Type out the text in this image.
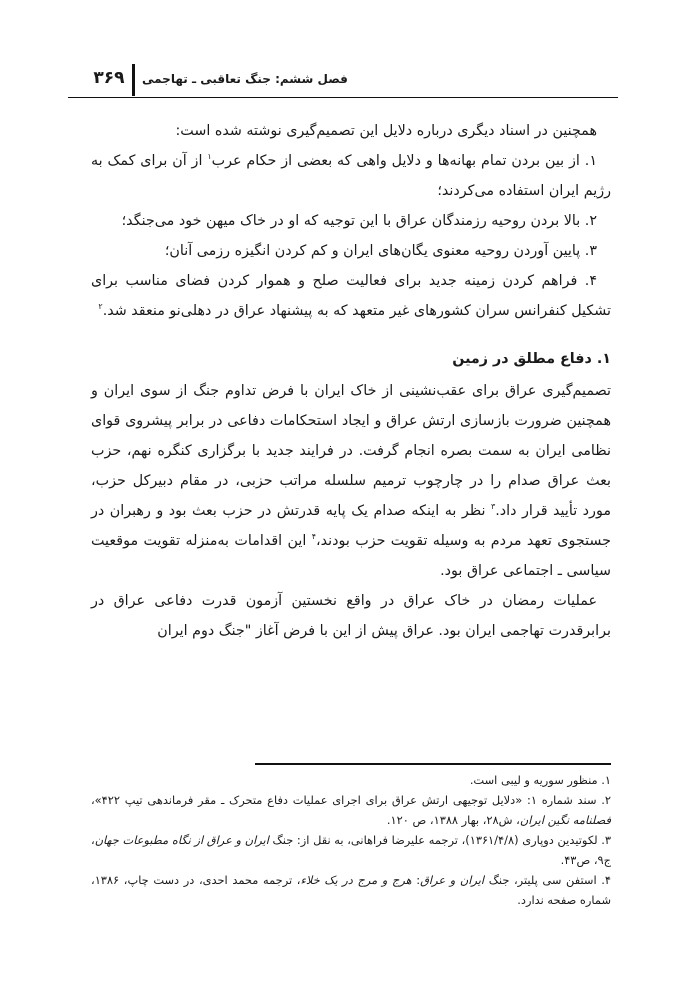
۳۶۹ فصل ششم: جنگ تعاقبی ـ تهاجمی

همچنین در اسناد دیگری درباره دلایل این تصمیم‌گیری نوشته شده است:

۱. از بین بردن تمام بهانه‌ها و دلایل واهی که بعضی از حکام عرب$^۱$ از آن برای کمک به رژیم ایران استفاده می‌کردند؛

۲. بالا بردن روحیه رزمندگان عراق با این توجیه که او در خاک میهن خود می‌جنگد؛

۳. پایین آوردن روحیه معنوی یگان‌های ایران و کم کردن انگیزه رزمی آنان؛

۴. فراهم کردن زمینه جدید برای فعالیت صلح و هموار کردن فضای مناسب برای تشکیل کنفرانس سران کشورهای غیر متعهد که به پیشنهاد عراق در دهلی‌نو منعقد شد.$^۲$

۱. دفاع مطلق در زمین

تصمیم‌گیری عراق برای عقب‌نشینی از خاک ایران با فرض تداوم جنگ از سوی ایران و همچنین ضرورت بازسازی ارتش عراق و ایجاد استحکامات دفاعی در برابر پیشروی قوای نظامی ایران به سمت بصره انجام گرفت. در فرایند جدید با برگزاری کنگره نهم، حزب بعث عراق صدام را در چارچوب ترمیم سلسله مراتب حزبی، در مقام دبیرکل حزب، مورد تأیید قرار داد.$^۳$ نظر به اینکه صدام یک پایه قدرتش در حزب بعث بود و رهبران در جستجوی تعهد مردم به وسیله تقویت حزب بودند،$^۴$ این اقدامات به‌منزله تقویت موقعیت سیاسی ـ اجتماعی عراق بود.

عملیات رمضان در خاک عراق در واقع نخستین آزمون قدرت دفاعی عراق در برابرقدرت تهاجمی ایران بود. عراق پیش از این با فرض آغاز "جنگ دوم ایران

۱. منظور سوریه و لیبی است.

۲. سند شماره ۱: «دلایل توجیهی ارتش عراق برای اجرای عملیات دفاع متحرک ـ مقر فرماندهی تیپ ۴۲۲»، فصلنامه نگین ایران، ش۲۸، بهار ۱۳۸۸، ص ۱۲۰.

۳. لکوتیدین دوپاری (۱۳۶۱/۴/۸)، ترجمه علیرضا فراهانی، به نقل از: جنگ ایران و عراق از نگاه مطبوعات جهان، ج۹، ص۴۳.

۴. استفن سی پلیتر، جنگ ایران و عراق: هرج و مرج در یک خلاء، ترجمه محمد احدی، در دست چاپ، ۱۳۸۶، شماره صفحه ندارد.
